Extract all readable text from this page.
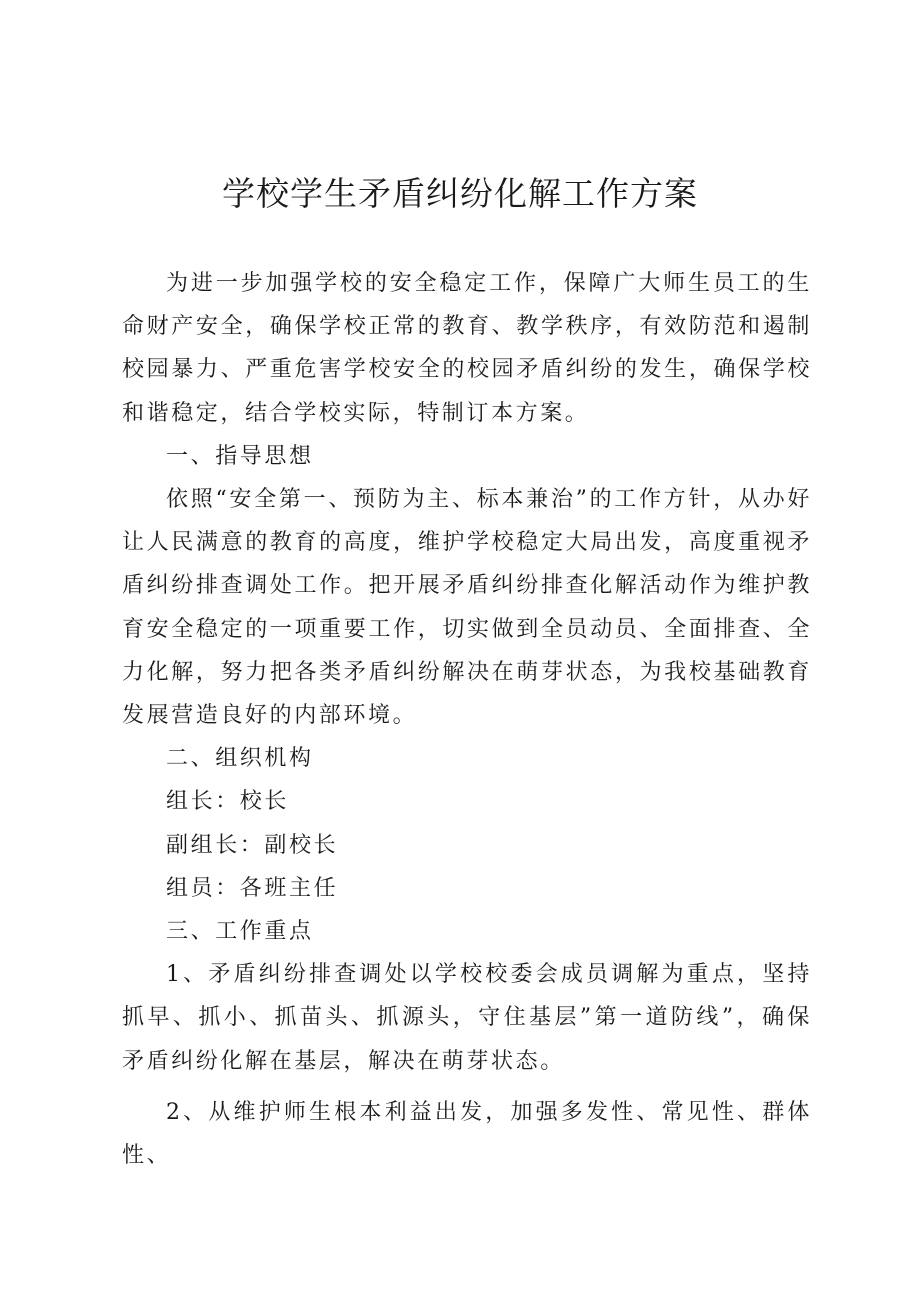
学校学生矛盾纠纷化解工作方案

为进一步加强学校的安全稳定工作，保障广大师生员工的生命财产安全，确保学校正常的教育、教学秩序，有效防范和遏制校园暴力、严重危害学校安全的校园矛盾纠纷的发生，确保学校和谐稳定，结合学校实际，特制订本方案。

一、指导思想

依照“安全第一、预防为主、标本兼治”的工作方针，从办好让人民满意的教育的高度，维护学校稳定大局出发，高度重视矛盾纠纷排查调处工作。把开展矛盾纠纷排查化解活动作为维护教育安全稳定的一项重要工作，切实做到全员动员、全面排查、全力化解，努力把各类矛盾纠纷解决在萌芽状态，为我校基础教育发展营造良好的内部环境。

二、组织机构

组长：校长

副组长：副校长

组员：各班主任

三、工作重点

1、矛盾纠纷排查调处以学校校委会成员调解为重点，坚持抓早、抓小、抓苗头、抓源头，守住基层”第一道防线”，确保矛盾纠纷化解在基层，解决在萌芽状态。

2、从维护师生根本利益出发，加强多发性、常见性、群体性、
